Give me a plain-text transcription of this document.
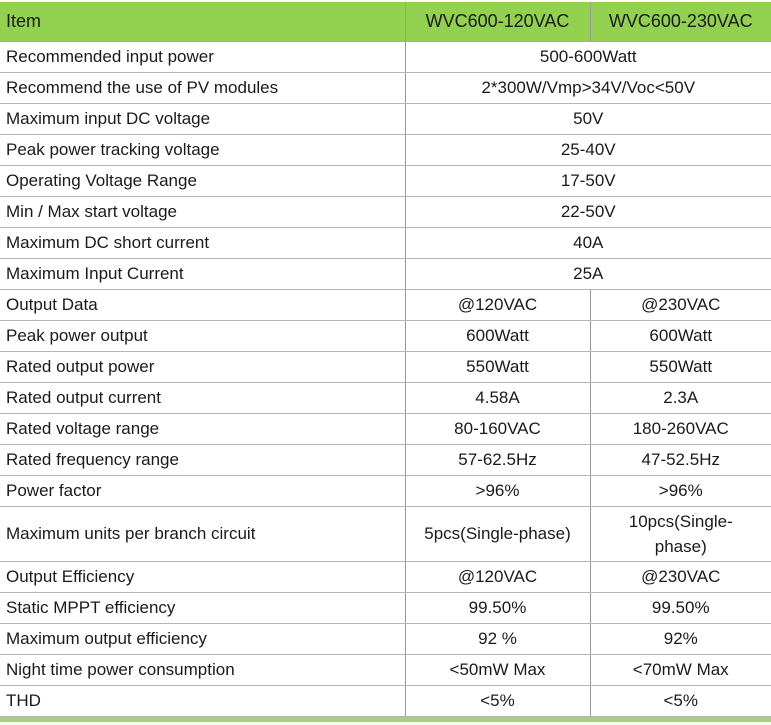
Item	WVC600-120VAC	WVC600-230VAC
Recommended input power	500-600Watt	
Recommend the use of PV modules	2*300W/Vmp>34V/Voc<50V	
Maximum input DC voltage	50V	
Peak power tracking voltage	25-40V	
Operating Voltage Range	17-50V	
Min / Max start voltage	22-50V	
Maximum DC short current	40A	
Maximum Input Current	25A	
Output Data	@120VAC	@230VAC
Peak power output	600Watt	600Watt
Rated output power	550Watt	550Watt
Rated output current	4.58A	2.3A
Rated voltage range	80-160VAC	180-260VAC
Rated frequency range	57-62.5Hz	47-52.5Hz
Power factor	>96%	>96%
Maximum units per branch circuit	5pcs(Single-phase)	10pcs(Single-phase)
Output Efficiency	@120VAC	@230VAC
Static MPPT efficiency	99.50%	99.50%
Maximum output efficiency	92 %	92%
Night time power consumption	<50mW Max	<70mW Max
THD	<5%	<5%
